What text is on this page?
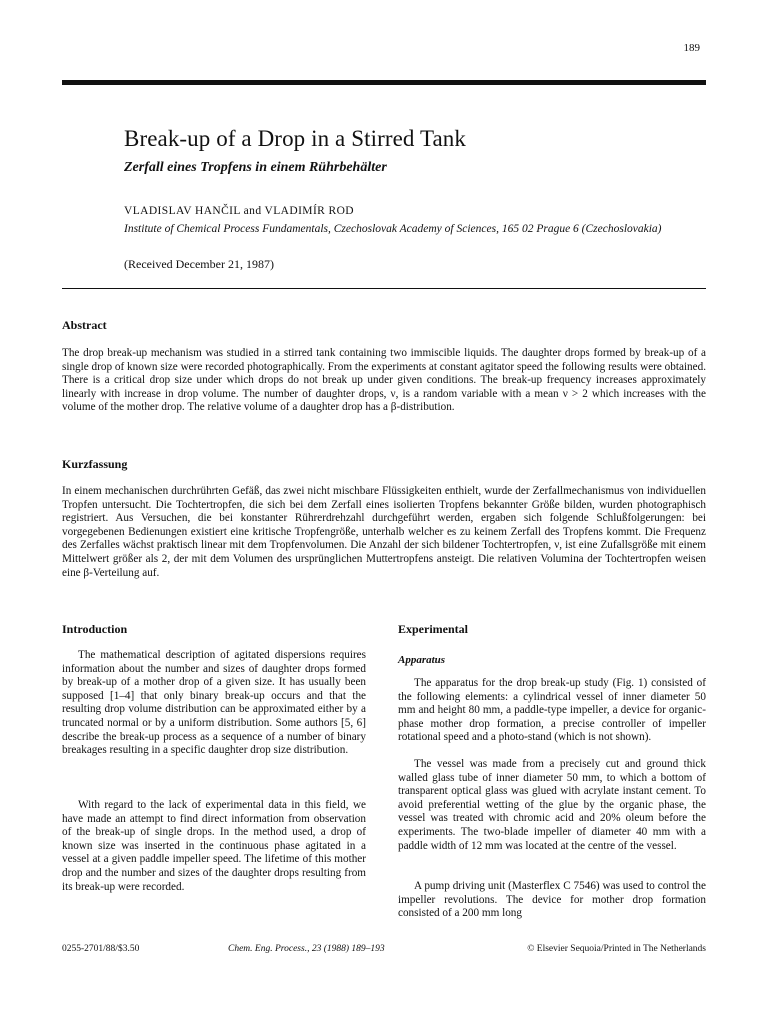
189
Break-up of a Drop in a Stirred Tank
Zerfall eines Tropfens in einem Rührbehälter
VLADISLAV HANČIL and VLADIMÍR ROD
Institute of Chemical Process Fundamentals, Czechoslovak Academy of Sciences, 165 02 Prague 6 (Czechoslovakia)
(Received December 21, 1987)
Abstract

The drop break-up mechanism was studied in a stirred tank containing two immiscible liquids. The daughter drops formed by break-up of a single drop of known size were recorded photographically. From the experiments at constant agitator speed the following results were obtained. There is a critical drop size under which drops do not break up under given conditions. The break-up frequency increases approximately linearly with increase in drop volume. The number of daughter drops, ν, is a random variable with a mean ν > 2 which increases with the volume of the mother drop. The relative volume of a daughter drop has a β-distribution.

Kurzfassung

In einem mechanischen durchrührten Gefäß, das zwei nicht mischbare Flüssigkeiten enthielt, wurde der Zerfallmechanismus von individuellen Tropfen untersucht. Die Tochtertropfen, die sich bei dem Zerfall eines isolierten Tropfens bekannter Größe bilden, wurden photographisch registriert. Aus Versuchen, die bei konstanter Rührerdrehzahl durchgeführt werden, ergaben sich folgende Schlußfolgerungen: bei vorgegebenen Bedienungen existiert eine kritische Tropfengröße, unterhalb welcher es zu keinem Zerfall des Tropfens kommt. Die Frequenz des Zerfalles wächst praktisch linear mit dem Tropfenvolumen. Die Anzahl der sich bildener Tochtertropfen, ν, ist eine Zufallsgröße mit einem Mittelwert größer als 2, der mit dem Volumen des ursprünglichen Muttertropfens ansteigt. Die relativen Volumina der Tochtertropfen weisen eine β-Verteilung auf.

Introduction

The mathematical description of agitated dispersions requires information about the number and sizes of daughter drops formed by break-up of a mother drop of a given size. It has usually been supposed [1–4] that only binary break-up occurs and that the resulting drop volume distribution can be approximated either by a truncated normal or by a uniform distribution. Some authors [5, 6] describe the break-up process as a sequence of a number of binary breakages resulting in a specific daughter drop size distribution.

With regard to the lack of experimental data in this field, we have made an attempt to find direct information from observation of the break-up of single drops. In the method used, a drop of known size was inserted in the continuous phase agitated in a vessel at a given paddle impeller speed. The lifetime of this mother drop and the number and sizes of the daughter drops resulting from its break-up were recorded.

Experimental
Apparatus

The apparatus for the drop break-up study (Fig. 1) consisted of the following elements: a cylindrical vessel of inner diameter 50 mm and height 80 mm, a paddle-type impeller, a device for organic-phase mother drop formation, a precise controller of impeller rotational speed and a photo-stand (which is not shown).

The vessel was made from a precisely cut and ground thick walled glass tube of inner diameter 50 mm, to which a bottom of transparent optical glass was glued with acrylate instant cement. To avoid preferential wetting of the glue by the organic phase, the vessel was treated with chromic acid and 20% oleum before the experiments. The two-blade impeller of diameter 40 mm with a paddle width of 12 mm was located at the centre of the vessel.

A pump driving unit (Masterflex C 7546) was used to control the impeller revolutions. The device for mother drop formation consisted of a 200 mm long

0255-2701/88/$3.50	Chem. Eng. Process., 23 (1988) 189–193	© Elsevier Sequoia/Printed in The Netherlands
